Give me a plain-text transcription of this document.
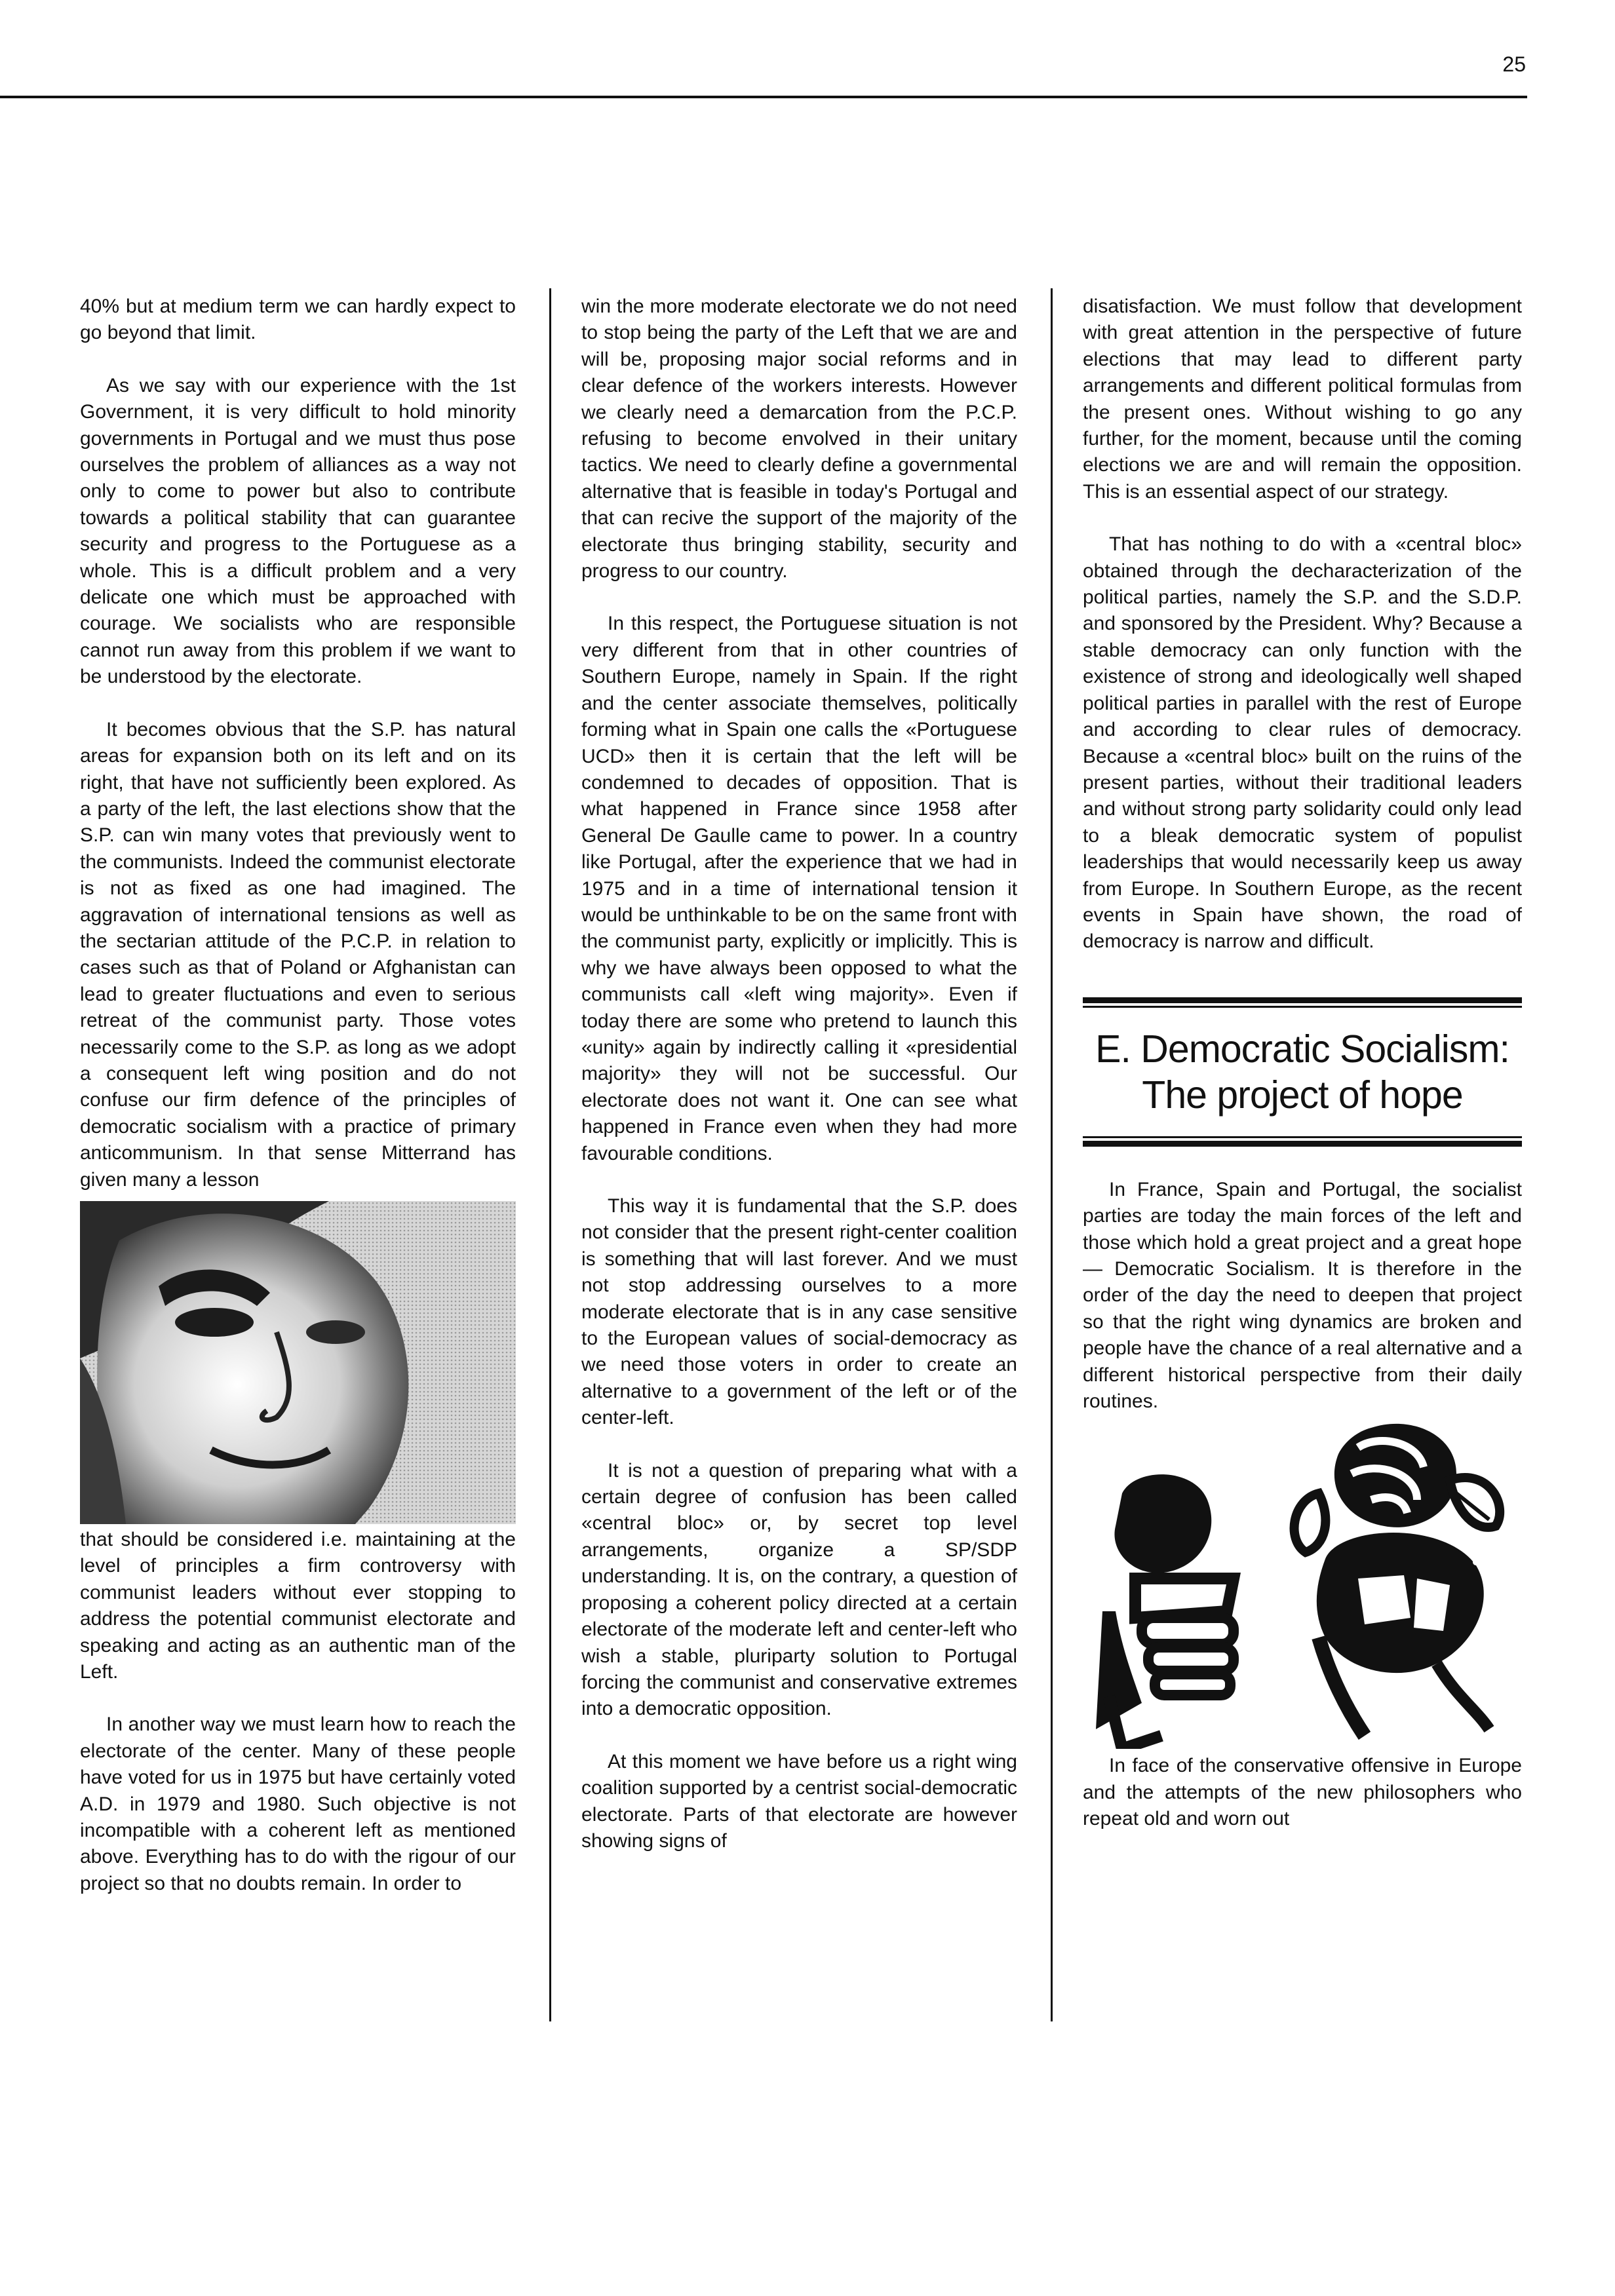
25

40% but at medium term we can hardly expect to go beyond that limit.

As we say with our experience with the 1st Government, it is very difficult to hold minority governments in Portugal and we must thus pose ourselves the problem of alliances as a way not only to come to power but also to contribute towards a political stability that can guarantee security and progress to the Portuguese as a whole. This is a difficult problem and a very delicate one which must be approached with courage. We socialists who are responsible cannot run away from this problem if we want to be understood by the electorate.

It becomes obvious that the S.P. has natural areas for expansion both on its left and on its right, that have not sufficiently been explored. As a party of the left, the last elections show that the S.P. can win many votes that previously went to the communists. Indeed the communist electorate is not as fixed as one had imagined. The aggravation of international tensions as well as the sectarian attitude of the P.C.P. in relation to cases such as that of Poland or Afghanistan can lead to greater fluctuations and even to serious retreat of the communist party. Those votes necessarily come to the S.P. as long as we adopt a consequent left wing position and do not confuse our firm defence of the principles of democratic socialism with a practice of primary anticommunism. In that sense Mitterrand has given many a lesson

that should be considered i.e. maintaining at the level of principles a firm controversy with communist leaders without ever stopping to address the potential communist electorate and speaking and acting as an authentic man of the Left.

In another way we must learn how to reach the electorate of the center. Many of these people have voted for us in 1975 but have certainly voted A.D. in 1979 and 1980. Such objective is not incompatible with a coherent left as mentioned above. Everything has to do with the rigour of our project so that no doubts remain. In order to

win the more moderate electorate we do not need to stop being the party of the Left that we are and will be, proposing major social reforms and in clear defence of the workers interests. However we clearly need a demarcation from the P.C.P. refusing to become envolved in their unitary tactics. We need to clearly define a governmental alternative that is feasible in today's Portugal and that can recive the support of the majority of the electorate thus bringing stability, security and progress to our country.

In this respect, the Portuguese situation is not very different from that in other countries of Southern Europe, namely in Spain. If the right and the center associate themselves, politically forming what in Spain one calls the «Portuguese UCD» then it is certain that the left will be condemned to decades of opposition. That is what happened in France since 1958 after General De Gaulle came to power. In a country like Portugal, after the experience that we had in 1975 and in a time of international tension it would be unthinkable to be on the same front with the communist party, explicitly or implicitly. This is why we have always been opposed to what the communists call «left wing majority». Even if today there are some who pretend to launch this «unity» again by indirectly calling it «presidential majority» they will not be successful. Our electorate does not want it. One can see what happened in France even when they had more favourable conditions.

This way it is fundamental that the S.P. does not consider that the present right-center coalition is something that will last forever. And we must not stop addressing ourselves to a more moderate electorate that is in any case sensitive to the European values of social-democracy as we need those voters in order to create an alternative to a government of the left or of the center-left.

It is not a question of preparing what with a certain degree of confusion has been called «central bloc» or, by secret top level arrangements, organize a SP/SDP understanding. It is, on the contrary, a question of proposing a coherent policy directed at a certain electorate of the moderate left and center-left who wish a stable, pluriparty solution to Portugal forcing the communist and conservative extremes into a democratic opposition.

At this moment we have before us a right wing coalition supported by a centrist social-democratic electorate. Parts of that electorate are however showing signs of

disatisfaction. We must follow that development with great attention in the perspective of future elections that may lead to different party arrangements and different political formulas from the present ones. Without wishing to go any further, for the moment, because until the coming elections we are and will remain the opposition. This is an essential aspect of our strategy.

That has nothing to do with a «central bloc» obtained through the decharacterization of the political parties, namely the S.P. and the S.D.P. and sponsored by the President. Why? Because a stable democracy can only function with the existence of strong and ideologically well shaped political parties in parallel with the rest of Europe and according to clear rules of democracy. Because a «central bloc» built on the ruins of the present parties, without their traditional leaders and without strong party solidarity could only lead to a bleak democratic system of populist leaderships that would necessarily keep us away from Europe. In Southern Europe, as the recent events in Spain have shown, the road of democracy is narrow and difficult.

E. Democratic Socialism:
The project of hope

In France, Spain and Portugal, the socialist parties are today the main forces of the left and those which hold a great project and a great hope — Democratic Socialism. It is therefore in the order of the day the need to deepen that project so that the right wing dynamics are broken and people have the chance of a real alternative and a different historical perspective from their daily routines.

In face of the conservative offensive in Europe and the attempts of the new philosophers who repeat old and worn out
